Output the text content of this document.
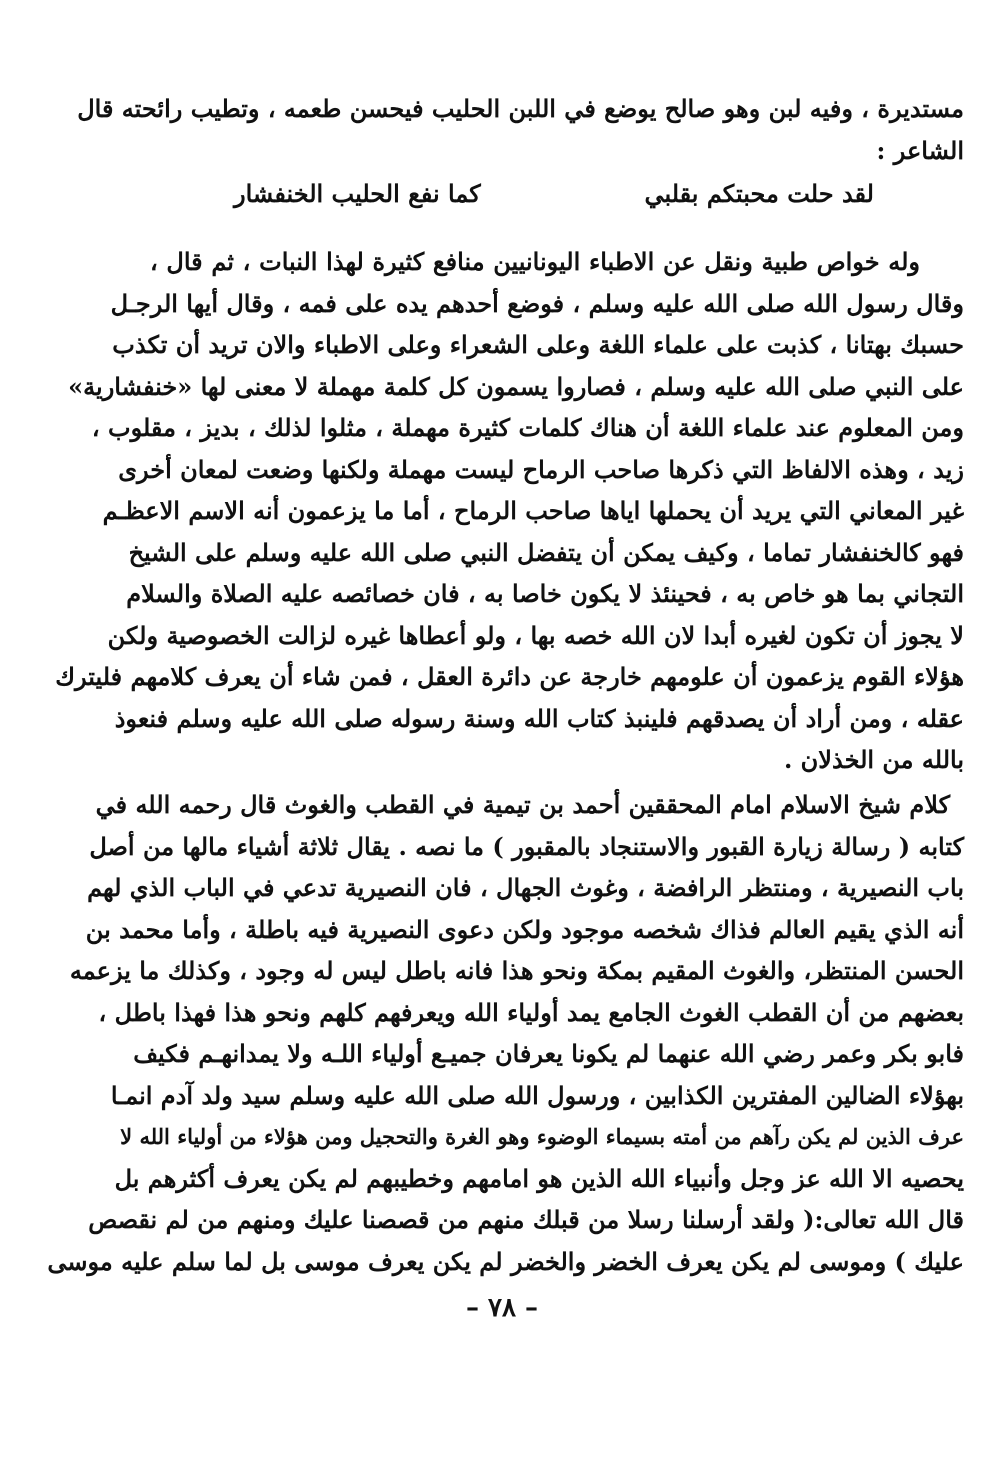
مستديرة ، وفيه لبن وهو صالح يوضع في اللبن الحليب فيحسن طعمه ، وتطيب رائحته قال
الشاعر :
لقد حلت محبتكم بقلبي
كما نفع الحليب الخنفشار
وله خواص طبية ونقل عن الاطباء اليونانيين منافع كثيرة لهذا النبات ، ثم قال ،
وقال رسول الله صلى الله عليه وسلم ، فوضع أحدهم يده على فمه ، وقال أيها الرجـل
حسبك بهتانا ، كذبت على علماء اللغة وعلى الشعراء وعلى الاطباء والان تريد أن تكذب
على النبي صلى الله عليه وسلم ، فصاروا يسمون كل كلمة مهملة لا معنى لها «خنفشارية»
ومن المعلوم عند علماء اللغة أن هناك كلمات كثيرة مهملة ، مثلوا لذلك ، بديز ، مقلوب ،
زيد ، وهذه الالفاظ التي ذكرها صاحب الرماح ليست مهملة ولكنها وضعت لمعان أخرى
غير المعاني التي يريد أن يحملها اياها صاحب الرماح ، أما ما يزعمون أنه الاسم الاعظـم
فهو كالخنفشار تماما ، وكيف يمكن أن يتفضل النبي صلى الله عليه وسلم على الشيخ
التجاني بما هو خاص به ، فحينئذ لا يكون خاصا به ، فان خصائصه عليه الصلاة والسلام
لا يجوز أن تكون لغيره أبدا لان الله خصه بها ، ولو أعطاها غيره لزالت الخصوصية ولكن
هؤلاء القوم يزعمون أن علومهم خارجة عن دائرة العقل ، فمن شاء أن يعرف كلامهم فليترك
عقله ، ومن أراد أن يصدقهم فلينبذ كتاب الله وسنة رسوله صلى الله عليه وسلم فنعوذ
بالله من الخذلان .
كلام شيخ الاسلام امام المحققين أحمد بن تيمية في القطب والغوث قال رحمه الله في
كتابه ( رسالة زيارة القبور والاستنجاد بالمقبور ) ما نصه . يقال ثلاثة أشياء مالها من أصل
باب النصيرية ، ومنتظر الرافضة ، وغوث الجهال ، فان النصيرية تدعي في الباب الذي لهم
أنه الذي يقيم العالم فذاك شخصه موجود ولكن دعوى النصيرية فيه باطلة ، وأما محمد بن
الحسن المنتظر، والغوث المقيم بمكة ونحو هذا فانه باطل ليس له وجود ، وكذلك ما يزعمه
بعضهم من أن القطب الغوث الجامع يمد أولياء الله ويعرفهم كلهم ونحو هذا فهذا باطل ،
فابو بكر وعمر رضي الله عنهما لم يكونا يعرفان جميـع أولياء اللـه ولا يمدانهـم فكيف
بهؤلاء الضالين المفترين الكذابين ، ورسول الله صلى الله عليه وسلم سيد ولد آدم انمـا
عرف الذين لم يكن رآهم من أمته بسيماء الوضوء وهو الغرة والتحجيل ومن هؤلاء من أولياء الله لا
يحصيه الا الله عز وجل وأنبياء الله الذين هو امامهم وخطيبهم لم يكن يعرف أكثرهم بل
قال الله تعالى:( ولقد أرسلنا رسلا من قبلك منهم من قصصنا عليك ومنهم من لم نقصص
عليك ) وموسى لم يكن يعرف الخضر والخضر لم يكن يعرف موسى بل لما سلم عليه موسى
– ٧٨ –
